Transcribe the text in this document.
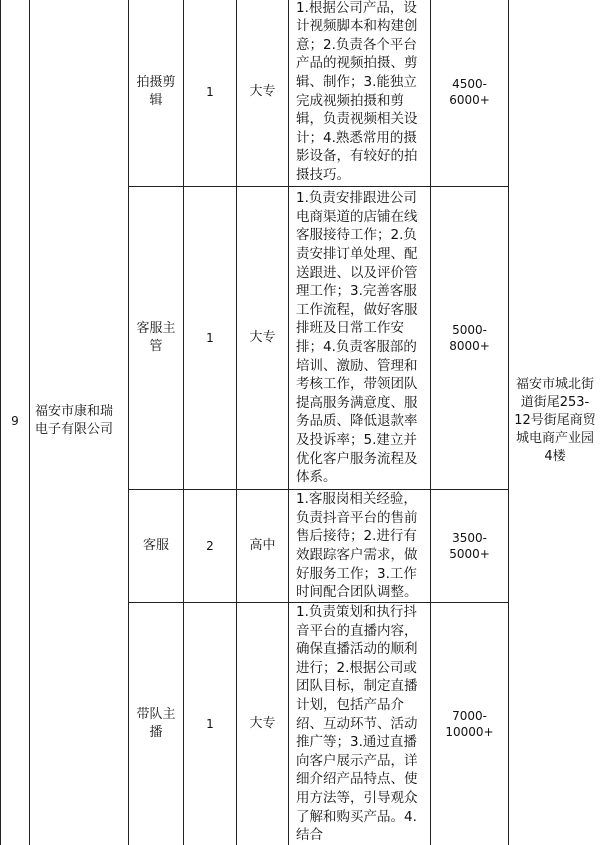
9	福安市康和瑞电子有限公司	拍摄剪辑	1	大专	1.根据公司产品，设计视频脚本和构建创意；2.负责各个平台产品的视频拍摄、剪辑、制作；3.能独立完成视频拍摄和剪辑，负责视频相关设计；4.熟悉常用的摄影设备，有较好的拍摄技巧。	4500-6000+	福安市城北街道街尾253-12号街尾商贸城电商产业园4楼
		客服主管	1	大专	1.负责安排跟进公司电商渠道的店铺在线客服接待工作；2.负责安排订单处理、配送跟进、以及评价管理工作；3.完善客服工作流程，做好客服排班及日常工作安排；4.负责客服部的培训、激励、管理和考核工作，带领团队提高服务满意度、服务品质、降低退款率及投诉率；5.建立并优化客户服务流程及体系。	5000-8000+	
		客服	2	高中	1.客服岗相关经验，负责抖音平台的售前售后接待；2.进行有效跟踪客户需求，做好服务工作；3.工作时间配合团队调整。	3500-5000+	
		带队主播	1	大专	1.负责策划和执行抖音平台的直播内容，确保直播活动的顺利进行；2.根据公司或团队目标，制定直播计划，包括产品介绍、互动环节、活动推广等；3.通过直播向客户展示产品，详细介绍产品特点、使用方法等，引导观众了解和购买产品。4.结合	7000-10000+	
